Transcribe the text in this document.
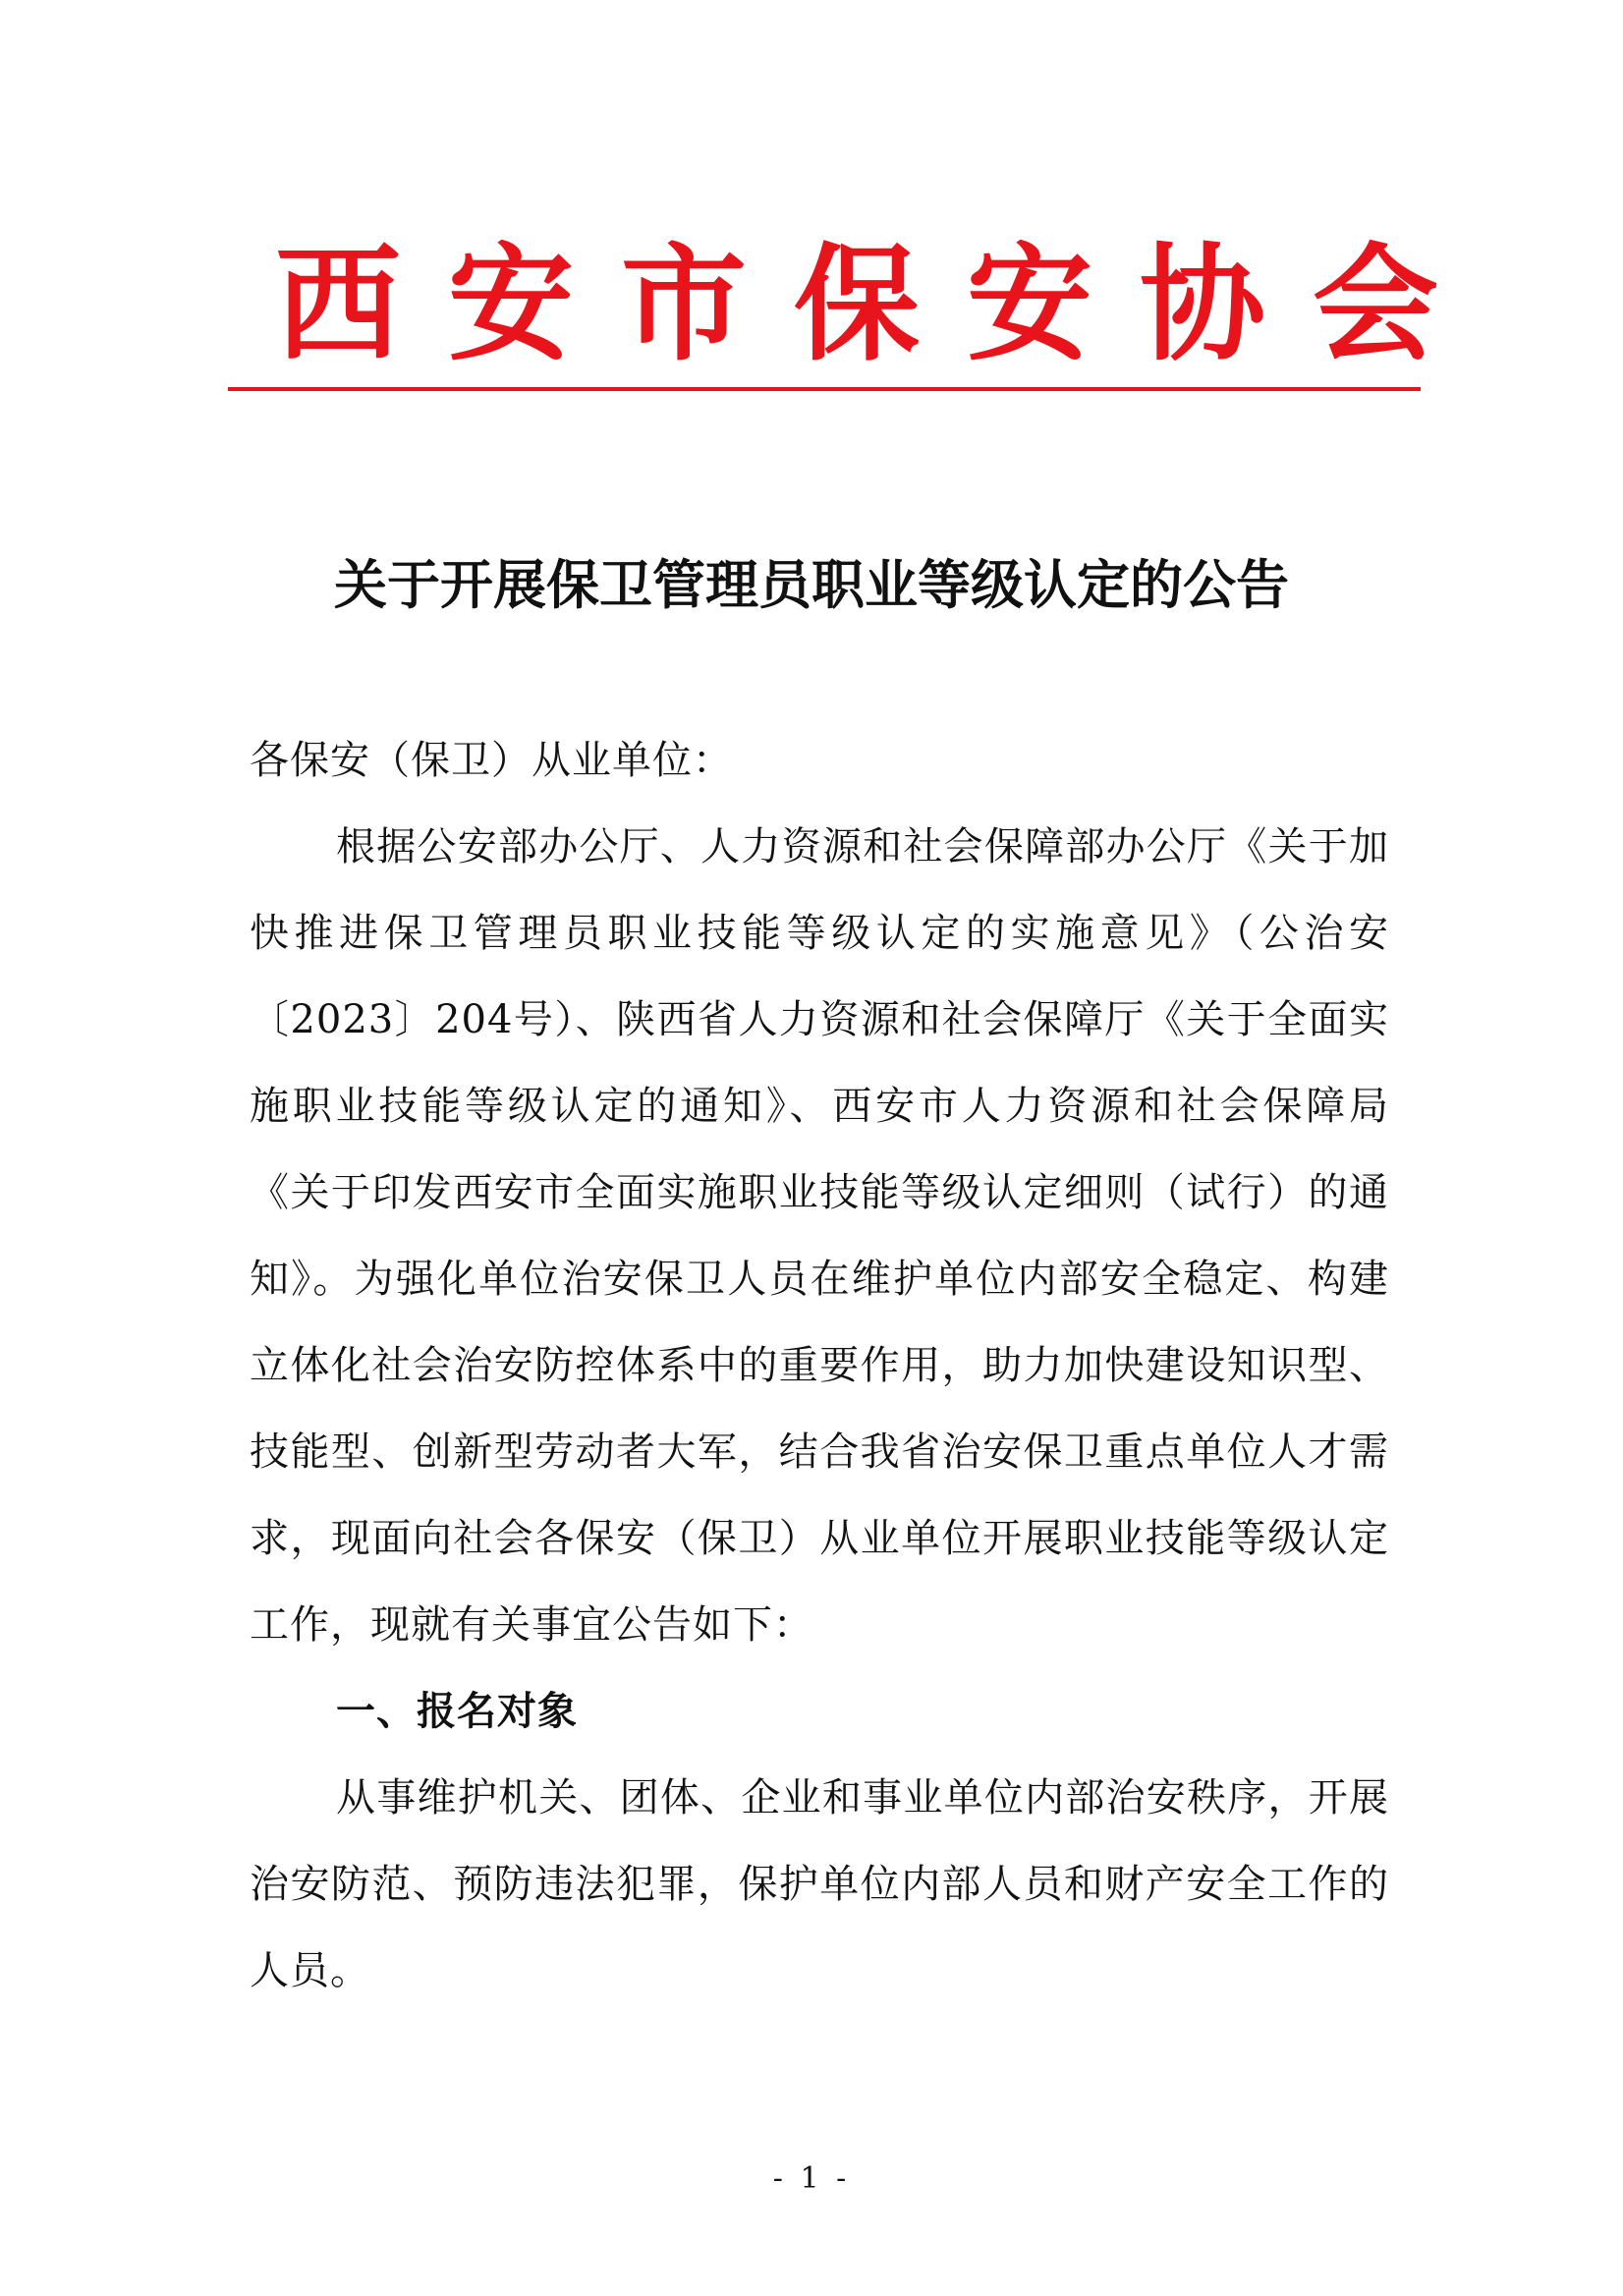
西安市保安协会
关于开展保卫管理员职业等级认定的公告

各保安（保卫）从业单位：

根据公安部办公厅、人力资源和社会保障部办公厅《关于加快推进保卫管理员职业技能等级认定的实施意见》（公治安〔2023〕204号）、陕西省人力资源和社会保障厅《关于全面实施职业技能等级认定的通知》、西安市人力资源和社会保障局《关于印发西安市全面实施职业技能等级认定细则（试行）的通知》。为强化单位治安保卫人员在维护单位内部安全稳定、构建立体化社会治安防控体系中的重要作用，助力加快建设知识型、技能型、创新型劳动者大军，结合我省治安保卫重点单位人才需求，现面向社会各保安（保卫）从业单位开展职业技能等级认定工作，现就有关事宜公告如下：

一、报名对象

从事维护机关、团体、企业和事业单位内部治安秩序，开展治安防范、预防违法犯罪，保护单位内部人员和财产安全工作的人员。

- 1 -
